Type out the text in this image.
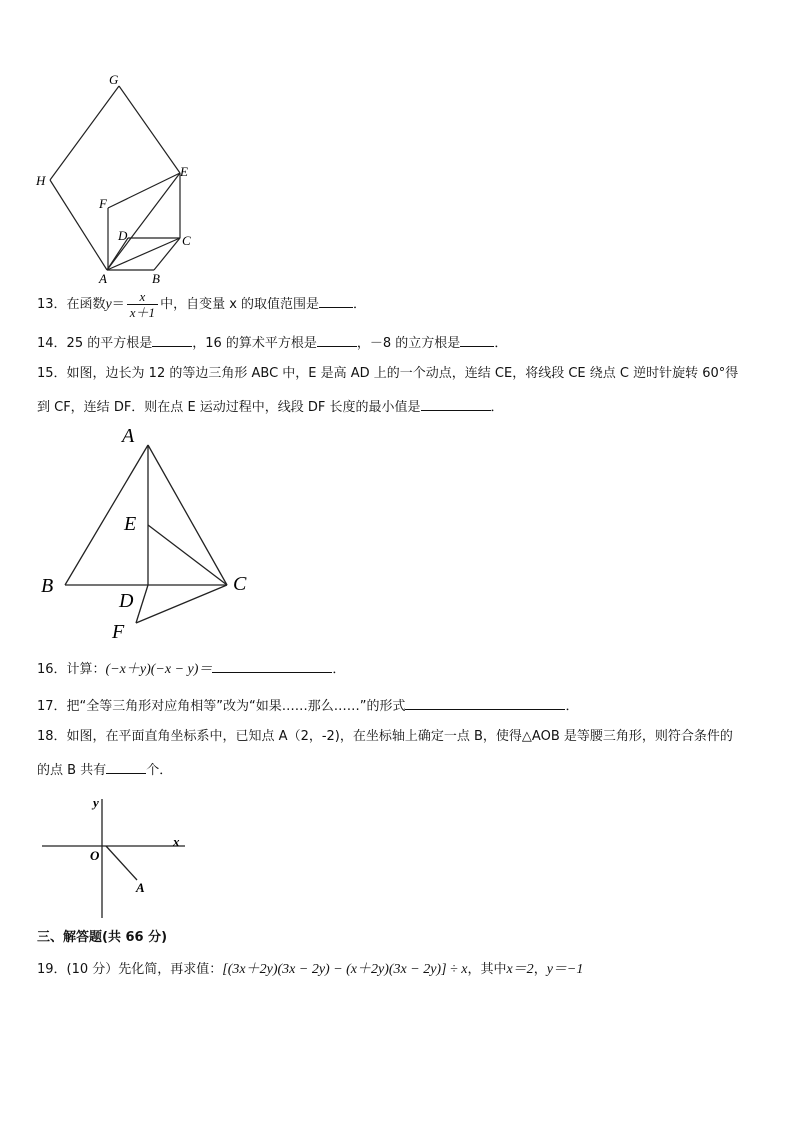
G
H
E
F
D	C
A	B
13．在函数$y= \frac{x}{x+1}$ 中，自变量 x 的取值范围是	．
14．25 的平方根是	，16 的算术平方根是	，－8 的立方根是	．
15．如图，边长为 12 的等边三角形 ABC 中，E 是高 AD 上的一个动点，连结 CE，将线段 CE 绕点 C 逆时针旋转 60°得
到 CF，连结 DF．则在点 E 运动过程中，线段 DF 长度的最小值是	．
A
E
B
D
C
F
16．计算：(−x＋y)(−x − y)＝	．
17．把“全等三角形对应角相等”改为“如果……那么……”的形式	．
18．如图，在平面直角坐标系中，已知点 A（2，-2)，在坐标轴上确定一点 B，使得△AOB 是等腰三角形，则符合条件的
的点 B 共有	个．
y
x
O
A
三、解答题(共 66 分)
19．(10 分）先化简，再求值：[(3x＋2y)(3x − 2y) − (x＋2y)(3x − 2y)] ÷ x，其中x＝2，y＝−1
